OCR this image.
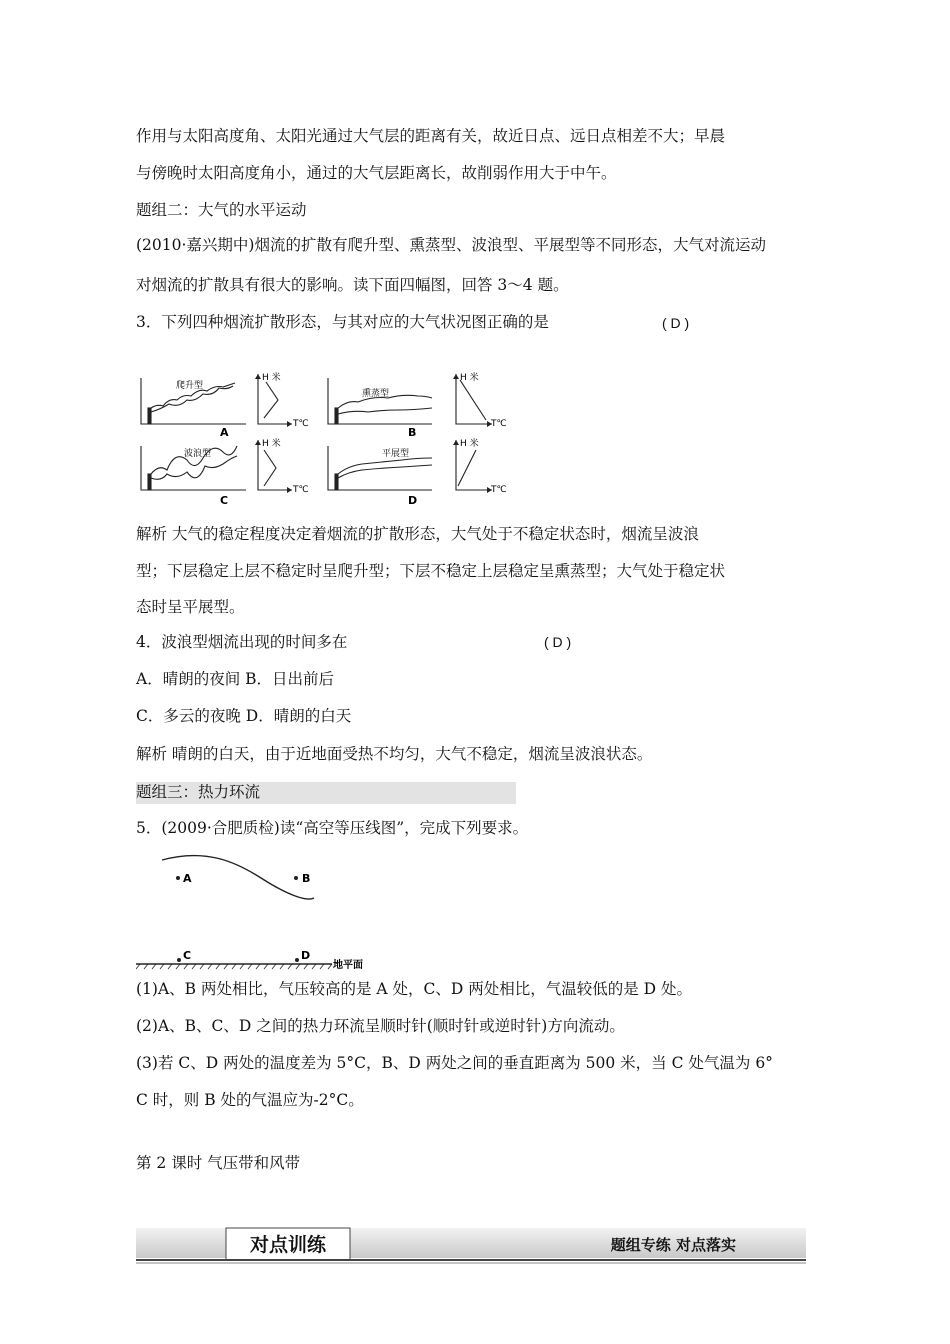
作用与太阳高度角、太阳光通过大气层的距离有关，故近日点、远日点相差不大；早晨
与傍晚时太阳高度角小，通过的大气层距离长，故削弱作用大于中午。
题组二：大气的水平运动
(2010·嘉兴期中)烟流的扩散有爬升型、熏蒸型、波浪型、平展型等不同形态，大气对流运动
对烟流的扩散具有很大的影响。读下面四幅图，回答 3～4 题。
3．下列四种烟流扩散形态，与其对应的大气状况图正确的是	( D )
爬升型
熏蒸型
波浪型	平展型
H 米
T℃
H 米
T℃
H 米
T℃
H 米
T℃
A	B
C	D
解析 大气的稳定程度决定着烟流的扩散形态，大气处于不稳定状态时，烟流呈波浪
型；下层稳定上层不稳定时呈爬升型；下层不稳定上层稳定呈熏蒸型；大气处于稳定状
态时呈平展型。
4．波浪型烟流出现的时间多在	( D )
A．晴朗的夜间 B．日出前后
C．多云的夜晚 D．晴朗的白天
解析 晴朗的白天，由于近地面受热不均匀，大气不稳定，烟流呈波浪状态。
题组三：热力环流
5．(2009·合肥质检)读“高空等压线图”，完成下列要求。
A	B
C	D
地平面
(1)A、B 两处相比，气压较高的是 A 处，C、D 两处相比，气温较低的是 D 处。
(2)A、B、C、D 之间的热力环流呈顺时针(顺时针或逆时针)方向流动。
(3)若 C、D 两处的温度差为 5°C，B、D 两处之间的垂直距离为 500 米，当 C 处气温为 6°
C 时，则 B 处的气温应为-2°C。
第 2 课时 气压带和风带
对点训练	题组专练 对点落实
